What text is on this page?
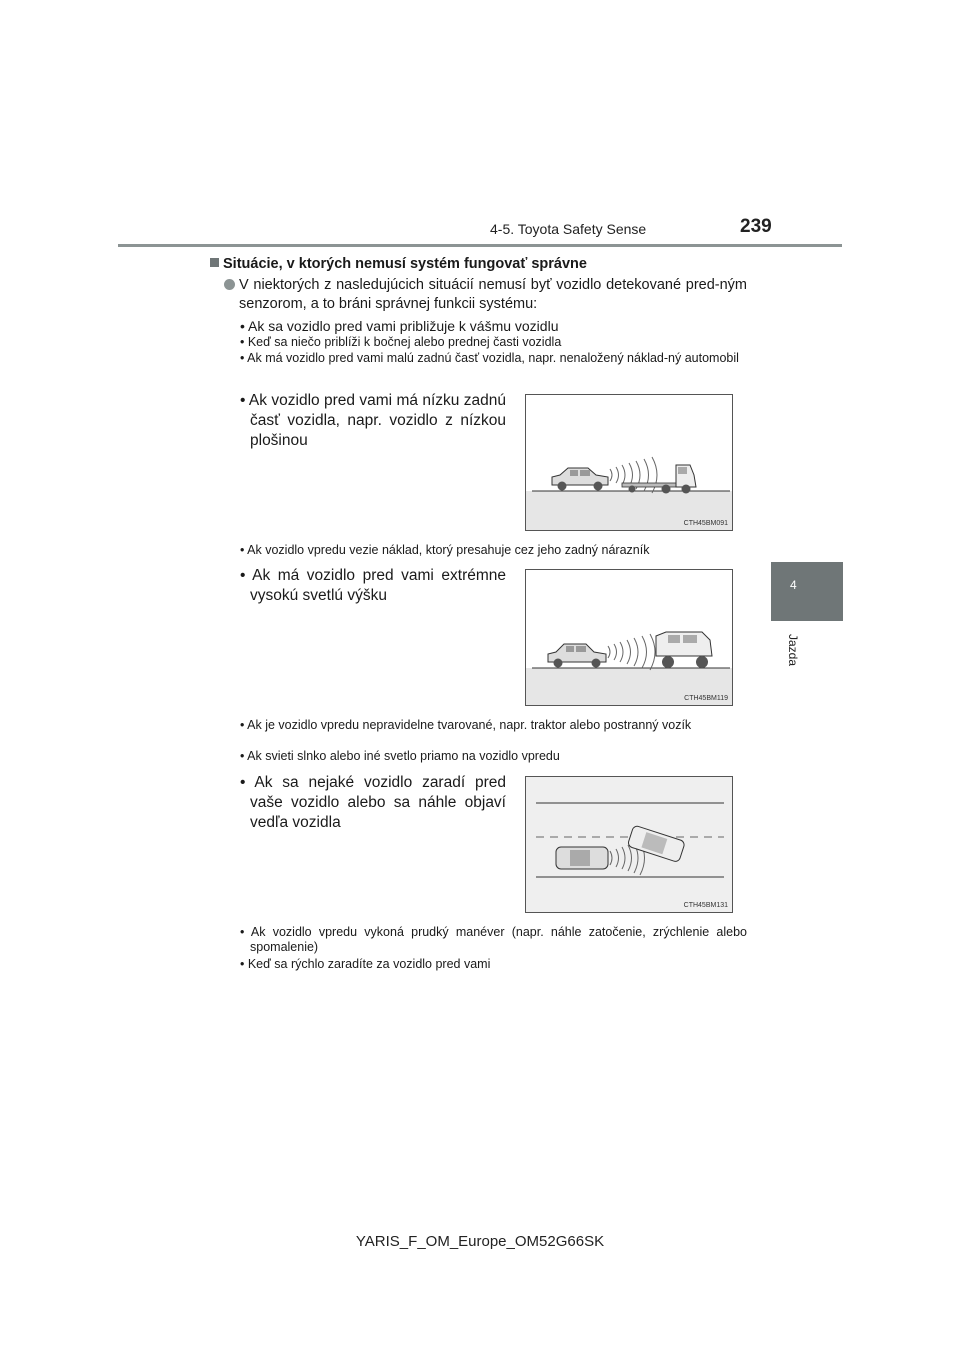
4-5. Toyota Safety Sense	239
4
Jazda
Situácie, v ktorých nemusí systém fungovať správne
V niektorých z nasledujúcich situácií nemusí byť vozidlo detekované pred-ným senzorom, a to bráni správnej funkcii systému:
• Ak sa vozidlo pred vami približuje k vášmu vozidlu
• Keď sa niečo priblíži k bočnej alebo prednej časti vozidla
• Ak má vozidlo pred vami malú zadnú časť vozidla, napr. nenaložený náklad-ný automobil
• Ak vozidlo pred vami má nízku zadnú časť vozidla, napr. vozidlo z nízkou plošinou
CTH45BM091
• Ak vozidlo vpredu vezie náklad, ktorý presahuje cez jeho zadný nárazník
• Ak má vozidlo pred vami extrémne vysokú svetlú výšku
CTH45BM119
• Ak je vozidlo vpredu nepravidelne tvarované, napr. traktor alebo postranný vozík
• Ak svieti slnko alebo iné svetlo priamo na vozidlo vpredu
• Ak sa nejaké vozidlo zaradí pred vaše vozidlo alebo sa náhle objaví vedľa vozidla
CTH45BM131
• Ak vozidlo vpredu vykoná prudký manéver (napr. náhle zatočenie, zrýchlenie alebo spomalenie)
• Keď sa rýchlo zaradíte za vozidlo pred vami
YARIS_F_OM_Europe_OM52G66SK
